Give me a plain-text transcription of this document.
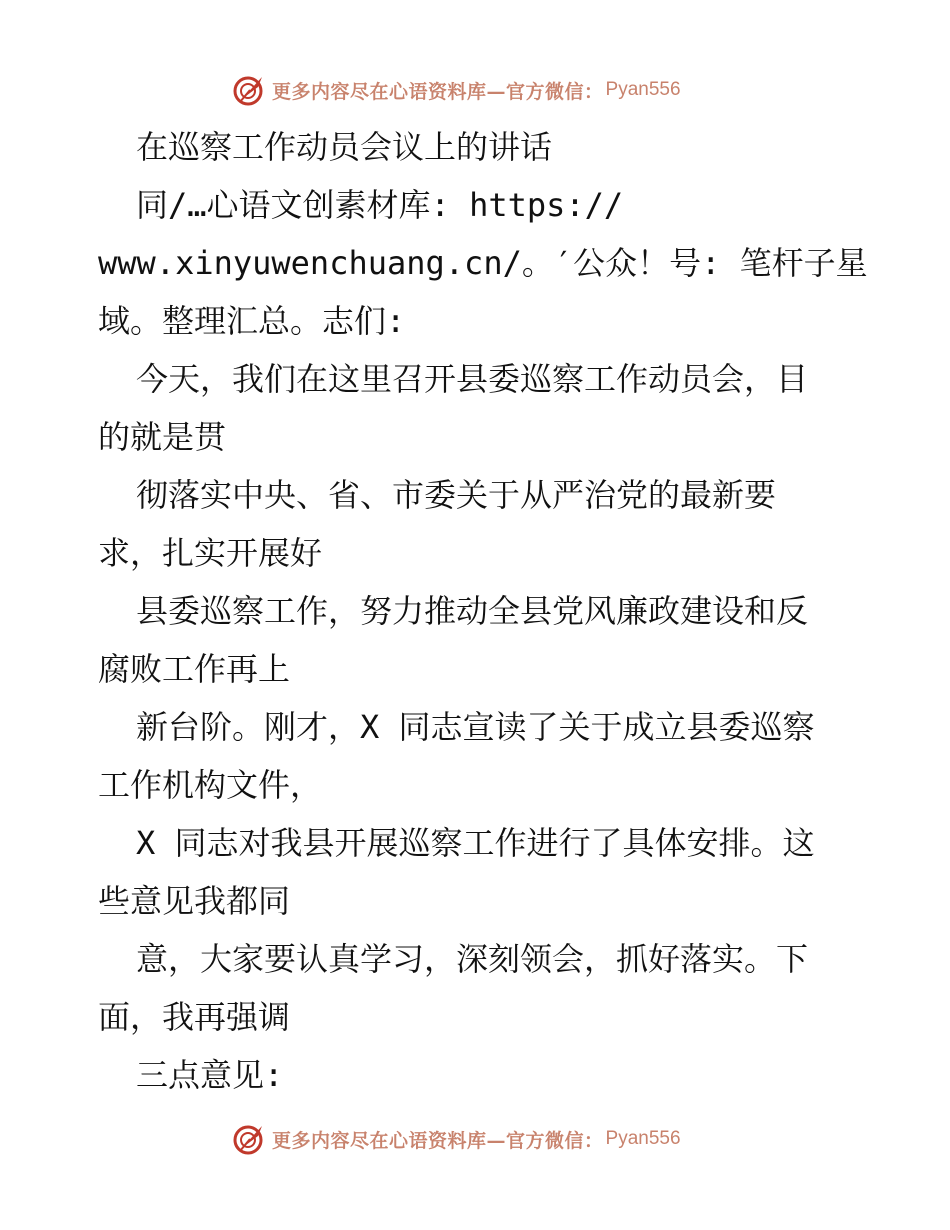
更多内容尽在心语资料库—官方微信： Pyan556
在巡察工作动员会议上的讲话
同/…心语文创素材库: https://
www.xinyuwenchuang.cn/。′公众！号: 笔杆子星
域。整理汇总。志们:
今天，我们在这里召开县委巡察工作动员会，目
的就是贯
彻落实中央、省、市委关于从严治党的最新要
求，扎实开展好
县委巡察工作，努力推动全县党风廉政建设和反
腐败工作再上
新台阶。刚才，X 同志宣读了关于成立县委巡察
工作机构文件，
X 同志对我县开展巡察工作进行了具体安排。这
些意见我都同
意，大家要认真学习，深刻领会，抓好落实。下
面，我再强调
三点意见:
更多内容尽在心语资料库—官方微信： Pyan556
